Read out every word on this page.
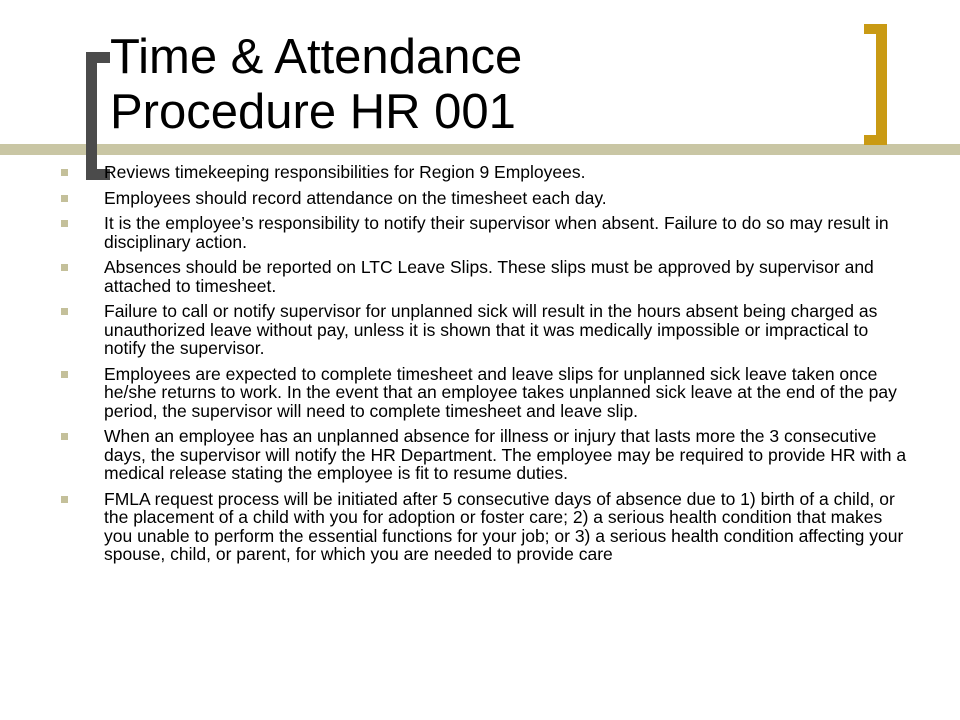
Time & Attendance
Procedure HR 001
Reviews timekeeping responsibilities for Region 9 Employees.
Employees should record attendance on the timesheet each day.
It is the employee’s responsibility to notify their supervisor when absent. Failure to do so may result in disciplinary action.
Absences should be reported on LTC Leave Slips. These slips must be approved by supervisor and attached to timesheet.
Failure to call or notify supervisor for unplanned sick will result in the hours absent being charged as unauthorized leave without pay, unless it is shown that it was medically impossible or impractical to notify the supervisor.
Employees are expected to complete timesheet and leave slips for unplanned sick leave taken once he/she returns to work. In the event that an employee takes unplanned sick leave at the end of the pay period, the supervisor will need to complete timesheet and leave slip.
When an employee has an unplanned absence for illness or injury that lasts more the 3 consecutive days, the supervisor will notify the HR Department. The employee may be required to provide HR with a medical release stating the employee is fit to resume duties.
FMLA request process will be initiated after 5 consecutive days of absence due to 1) birth of a child, or the placement of a child with you for adoption or foster care; 2) a serious health condition that makes you unable to perform the essential functions for your job; or 3) a serious health condition affecting your spouse, child, or parent, for which you are needed to provide care
